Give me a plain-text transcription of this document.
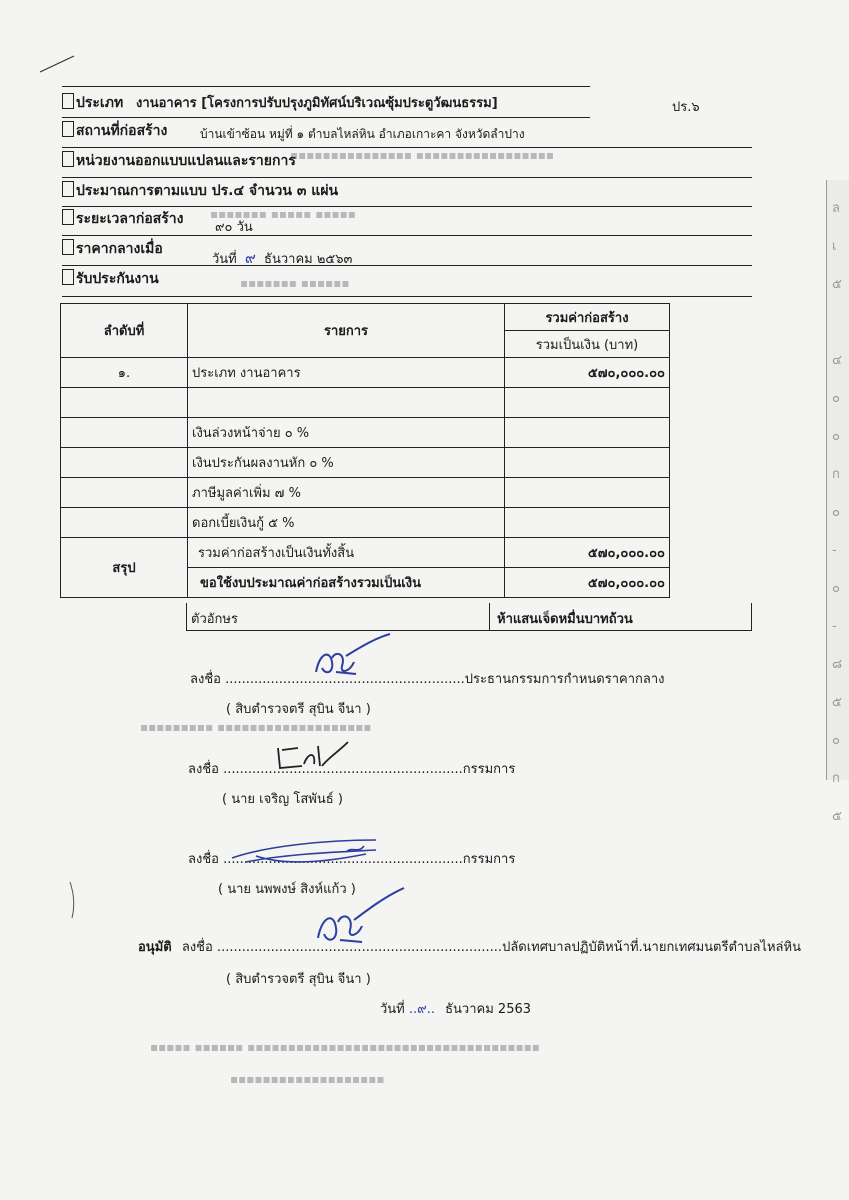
▪▪▪▪▪▪▪▪▪▪▪▪▪▪▪ ▪▪▪▪▪▪▪▪▪▪▪▪▪▪▪▪▪
▪▪▪▪▪▪▪ ▪▪▪▪▪ ▪▪▪▪▪
▪▪▪▪▪▪▪ ▪▪▪▪▪▪
▪▪▪▪▪▪▪▪▪ ▪▪▪▪▪▪▪▪▪▪▪▪▪▪▪▪▪▪▪
▪▪▪▪▪ ▪▪▪▪▪▪ ▪▪▪▪▪▪▪▪▪▪▪▪▪▪▪▪▪▪▪▪▪▪▪▪▪▪▪▪▪▪▪▪▪▪▪▪
▪▪▪▪▪▪▪▪▪▪▪▪▪▪▪▪▪▪▪
ล
เ
๕

๔
๐
๐
ก
๐
-
๐
-
๘
๕
๐
ก
๕
ประเภท งานอาคาร [โครงการปรับปรุงภูมิทัศน์บริเวณซุ้มประตูวัฒนธรรม]	ปร.๖
สถานที่ก่อสร้าง	บ้านเข้าซ้อน หมู่ที่ ๑ ตำบลไหล่หิน อำเภอเกาะคา จังหวัดลำปาง
หน่วยงานออกแบบแปลนและรายการ
ประมาณการตามแบบ ปร.๔ จำนวน ๓ แผ่น
ระยะเวลาก่อสร้าง
๙๐ วัน
ราคากลางเมื่อ
วันที่ ๙ ธันวาคม ๒๕๖๓
รับประกันงาน
ลำดับที่	รายการ	รวมค่าก่อสร้าง
		รวมเป็นเงิน (บาท)
๑.	ประเภท งานอาคาร	๕๗๐,๐๐๐.๐๐

	เงินล่วงหน้าจ่าย ๐ %	
	เงินประกันผลงานหัก ๐ %	
	ภาษีมูลค่าเพิ่ม ๗ %	
	ดอกเบี้ยเงินกู้ ๕ %	
สรุป	รวมค่าก่อสร้างเป็นเงินทั้งสิ้น	๕๗๐,๐๐๐.๐๐
	ขอใช้งบประมาณค่าก่อสร้างรวมเป็นเงิน	๕๗๐,๐๐๐.๐๐
ตัวอักษร	ห้าแสนเจ็ดหมื่นบาทถ้วน
ลงชื่อ ..........................................................ประธานกรรมการกำหนดราคากลาง
( สิบตำรวจตรี สุบิน จีนา )
ลงชื่อ ..........................................................กรรมการ
( นาย เจริญ โสพันธ์ )
ลงชื่อ ..........................................................กรรมการ
( นาย นพพงษ์ สิงห์แก้ว )
อนุมัติ ลงชื่อ .....................................................................ปลัดเทศบาลปฏิบัติหน้าที่.นายกเทศมนตรีตำบลไหล่หิน
( สิบตำรวจตรี สุบิน จีนา )
วันที่ ..๙.. ธันวาคม 2563
